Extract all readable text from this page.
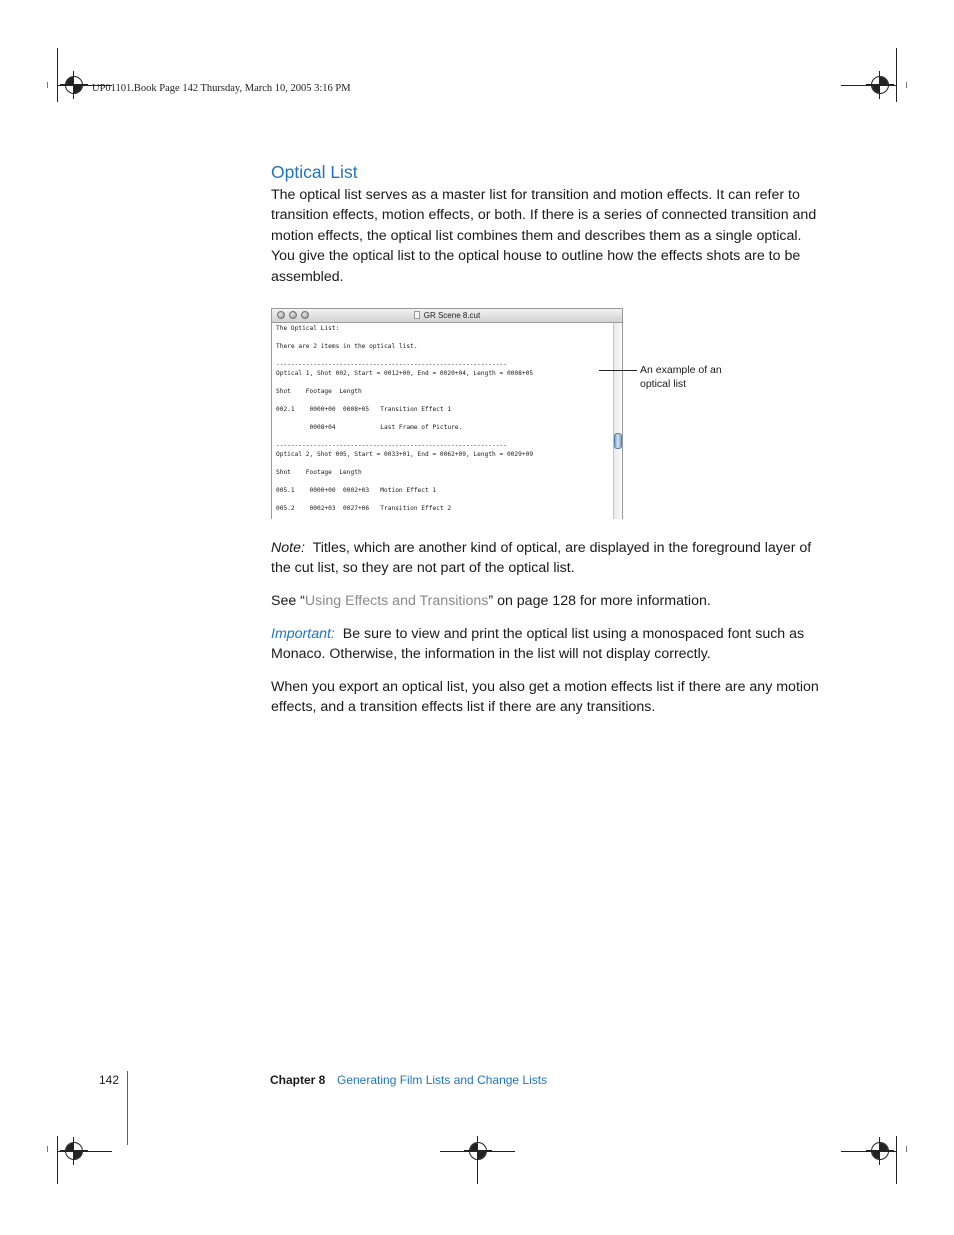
UP01101.Book Page 142 Thursday, March 10, 2005 3:16 PM
Optical List
The optical list serves as a master list for transition and motion effects. It can refer to transition effects, motion effects, or both. If there is a series of connected transition and motion effects, the optical list combines them and describes them as a single optical. You give the optical list to the optical house to outline how the effects shots are to be assembled.
GR Scene 8.cut

The Optical List:

There are 2 items in the optical list.

--------------------------------------------------------------

Optical 1, Shot 002, Start = 0012+00, End = 0020+04, Length = 0008+05

Shot    Footage  Length

002.1    0000+00  0008+05   Transition Effect 1

0008+04            Last Frame of Picture.

--------------------------------------------------------------

Optical 2, Shot 005, Start = 0033+01, End = 0062+09, Length = 0029+09

Shot    Footage  Length

005.1    0000+00  0002+03   Motion Effect 1

005.2    0002+03  0027+06   Transition Effect 2

An example of an optical list
Note: Titles, which are another kind of optical, are displayed in the foreground layer of the cut list, so they are not part of the optical list.
See “Using Effects and Transitions” on page 128 for more information.
Important: Be sure to view and print the optical list using a monospaced font such as Monaco. Otherwise, the information in the list will not display correctly.
When you export an optical list, you also get a motion effects list if there are any motion effects, and a transition effects list if there are any transitions.
142	Chapter 8 Generating Film Lists and Change Lists
